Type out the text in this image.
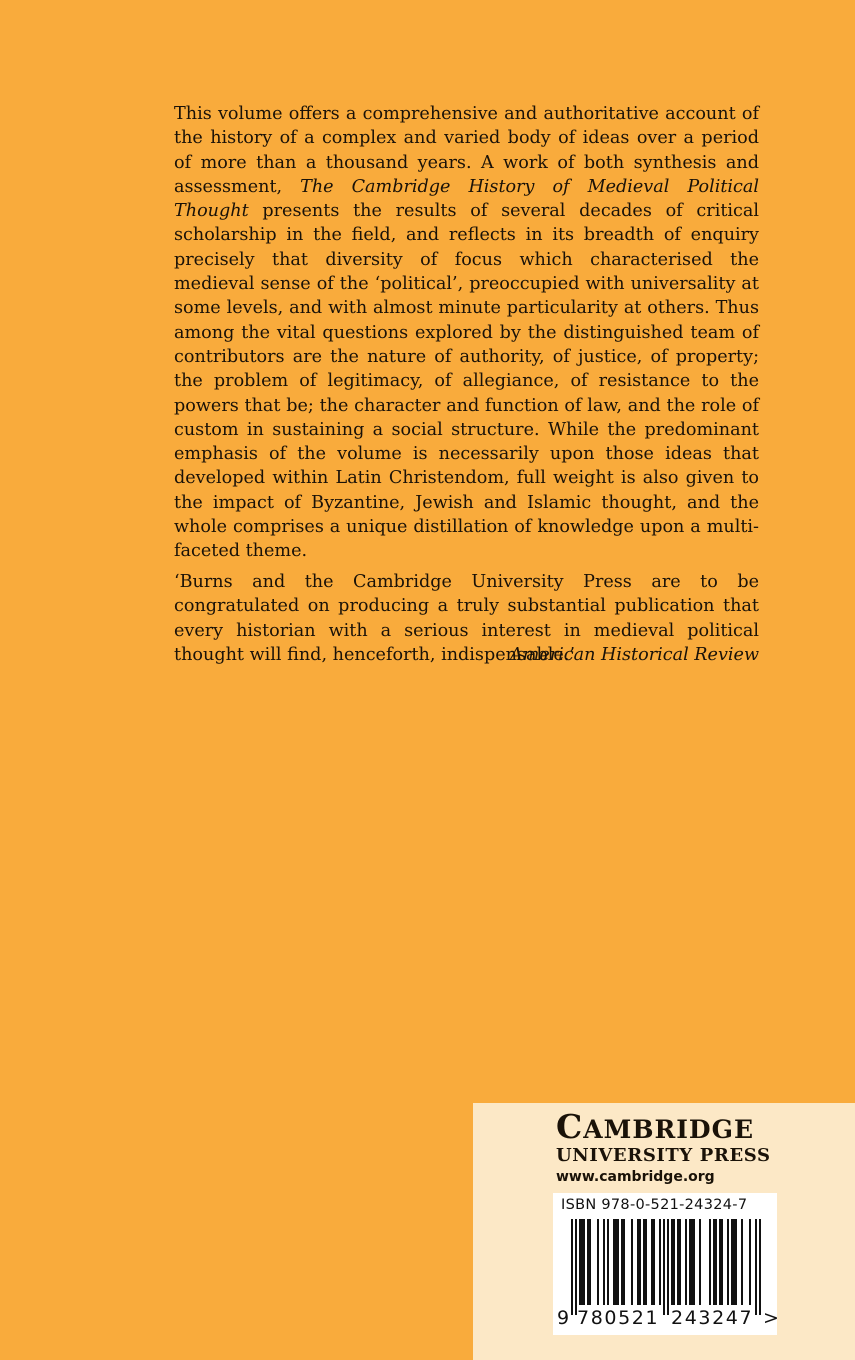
This volume offers a comprehensive and authoritative account of the history of a complex and varied body of ideas over a period of more than a thousand years. A work of both synthesis and assessment, The Cambridge History of Medieval Political Thought presents the results of several decades of critical scholarship in the field, and reflects in its breadth of enquiry precisely that diversity of focus which characterised the medieval sense of the ‘political’, preoccupied with universality at some levels, and with almost minute particularity at others. Thus among the vital questions explored by the distinguished team of contributors are the nature of authority, of justice, of property; the problem of legitimacy, of allegiance, of resistance to the powers that be; the character and function of law, and the role of custom in sustaining a social structure. While the predominant emphasis of the volume is necessarily upon those ideas that developed within Latin Christendom, full weight is also given to the impact of Byzantine, Jewish and Islamic thought, and the whole comprises a unique distillation of knowledge upon a multi-faceted theme.

‘Burns and the Cambridge University Press are to be congratulated on producing a truly substantial publication that every historian with a serious interest in medieval political thought will find, henceforth, indispensable.’
American Historical Review
CAMBRIDGE
UNIVERSITY PRESS
www.cambridge.org
ISBN 978-0-521-24324-7
9 780521 243247 >
